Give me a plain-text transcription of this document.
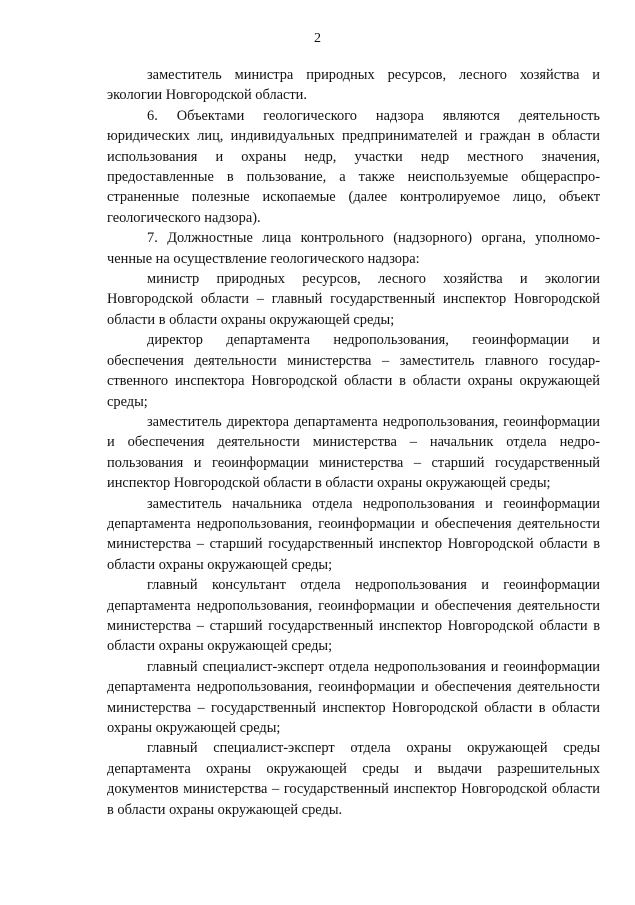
2

заместитель министра природных ресурсов, лесного хозяйства и экологии Новгородской области.

6. Объектами геологического надзора являются деятельность юридических лиц, индивидуальных предпринимателей и граждан в области использования и охраны недр, участки недр местного значения, предоставленные в пользование, а также неиспользуемые общераспространенные полезные ископаемые (далее контролируемое лицо, объект геологического надзора).

7. Должностные лица контрольного (надзорного) органа, уполномоченные на осуществление геологического надзора:

министр природных ресурсов, лесного хозяйства и экологии Новгородской области – главный государственный инспектор Новгородской области в области охраны окружающей среды;

директор департамента недропользования, геоинформации и обеспечения деятельности министерства – заместитель главного государственного инспектора Новгородской области в области охраны окружающей среды;

заместитель директора департамента недропользования, геоинформации и обеспечения деятельности министерства – начальник отдела недропользования и геоинформации министерства – старший государственный инспектор Новгородской области в области охраны окружающей среды;

заместитель начальника отдела недропользования и геоинформации департамента недропользования, геоинформации и обеспечения деятельности министерства – старший государственный инспектор Новгородской области в области охраны окружающей среды;

главный консультант отдела недропользования и геоинформации департамента недропользования, геоинформации и обеспечения деятельности министерства – старший государственный инспектор Новгородской области в области охраны окружающей среды;

главный специалист-эксперт отдела недропользования и геоинформации департамента недропользования, геоинформации и обеспечения деятельности министерства – государственный инспектор Новгородской области в области охраны окружающей среды;

главный специалист-эксперт отдела охраны окружающей среды департамента охраны окружающей среды и выдачи разрешительных документов министерства – государственный инспектор Новгородской области в области охраны окружающей среды.
